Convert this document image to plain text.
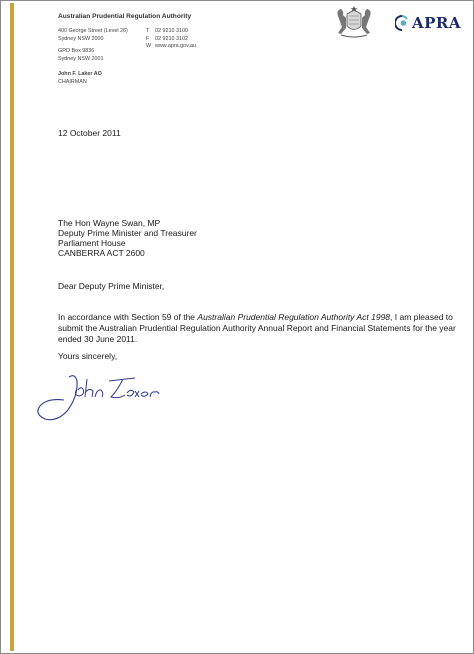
Australian Prudential Regulation Authority
400 George Street (Level 26)
Sydney NSW 2000
GPO Box 9836
Sydney NSW 2001
T 02 9210 3100
F 02 9210 3102
W www.apra.gov.au
John F. Laker AO
CHAIRMAN
APRA
12 October 2011
The Hon Wayne Swan, MP
Deputy Prime Minister and Treasurer
Parliament House
CANBERRA ACT 2600
Dear Deputy Prime Minister,
In accordance with Section 59 of the Australian Prudential Regulation Authority Act 1998, I am pleased to submit the Australian Prudential Regulation Authority Annual Report and Financial Statements for the year ended 30 June 2011.
Yours sincerely,
